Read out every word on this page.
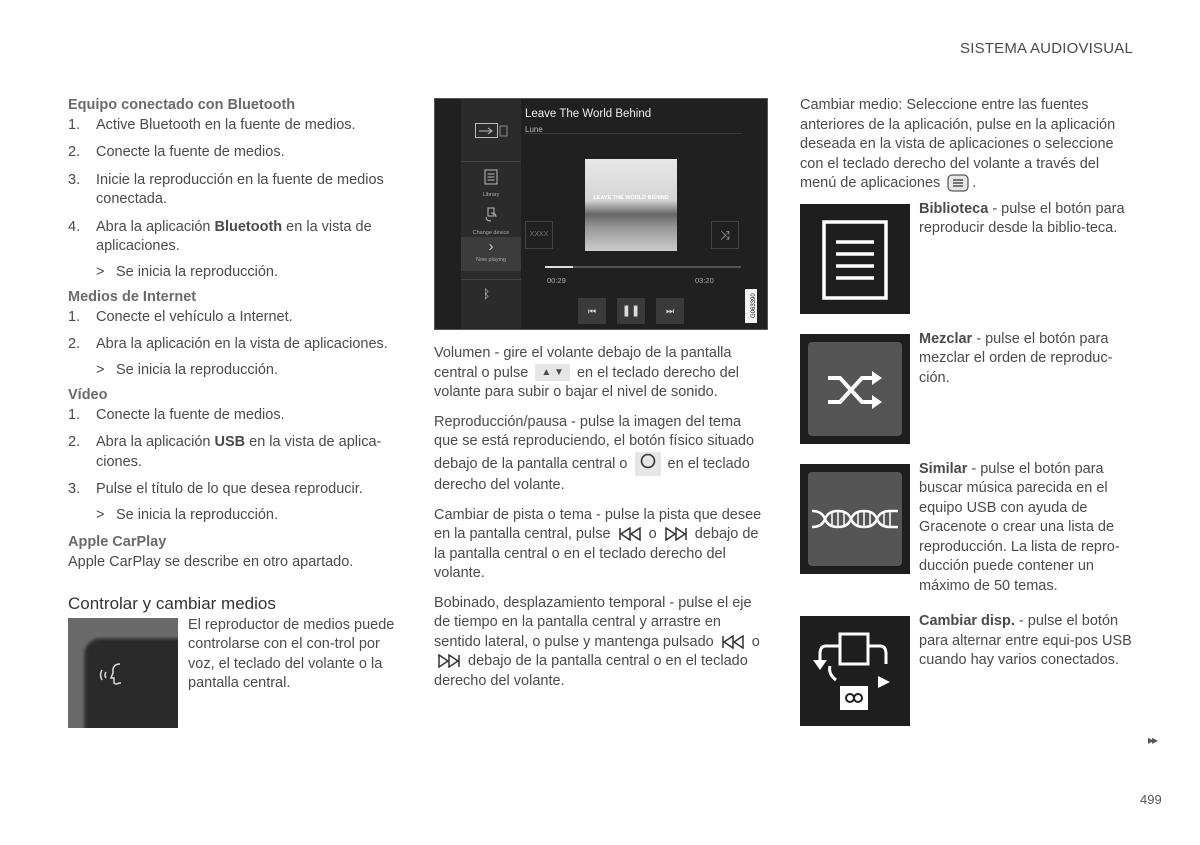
SISTEMA AUDIOVISUAL

Equipo conectado con Bluetooth

1.	Active Bluetooth en la fuente de medios.
2.	Conecte la fuente de medios.
3.	Inicie la reproducción en la fuente de medios conectada.
4.	Abra la aplicación Bluetooth en la vista de aplicaciones.
> Se inicia la reproducción.

Medios de Internet

1.	Conecte el vehículo a Internet.
2.	Abra la aplicación en la vista de aplicaciones.
> Se inicia la reproducción.

Vídeo

1.	Conecte la fuente de medios.
2.	Abra la aplicación USB en la vista de aplica-ciones.
3.	Pulse el título de lo que desea reproducir.
> Se inicia la reproducción.

Apple CarPlay

Apple CarPlay se describe en otro apartado.

Controlar y cambiar medios
El reproductor de medios puede controlarse con el con-trol por voz, el teclado del volante o la pantalla central.
Library
Change device
›
Now playing
ᛒ
Leave The World Behind
Lune
LEAVE THE WORLD BEHIND
XXXX	⤨
00:29	03:20
⏮	❚❚	⏭	G063390

Volumen - gire el volante debajo de la pantalla central o pulse ▲ ▼ en el teclado derecho del volante para subir o bajar el nivel de sonido.

Reproducción/pausa - pulse la imagen del tema que se está reproduciendo, el botón físico situado debajo de la pantalla central o	en el teclado derecho del volante.

Cambiar de pista o tema - pulse la pista que desee en la pantalla central, pulse	o	debajo de la pantalla central o en el teclado derecho del volante.

Bobinado, desplazamiento temporal - pulse el eje de tiempo en la pantalla central y arrastre en sentido lateral, o pulse y mantenga pulsado	o  debajo de la pantalla central o en el teclado derecho del volante.

Cambiar medio: Seleccione entre las fuentes anteriores de la aplicación, pulse en la aplicación deseada en la vista de aplicaciones o seleccione con el teclado derecho del volante a través del menú de aplicaciones .

Biblioteca - pulse el botón para reproducir desde la biblio-teca.
Mezclar - pulse el botón para mezclar el orden de reproduc-ción.
Similar - pulse el botón para buscar música parecida en el equipo USB con ayuda de Gracenote o crear una lista de reproducción. La lista de repro-ducción puede contener un máximo de 50 temas.
Cambiar disp. - pulse el botón para alternar entre equi-pos USB cuando hay varios conectados.
▸▸
499
